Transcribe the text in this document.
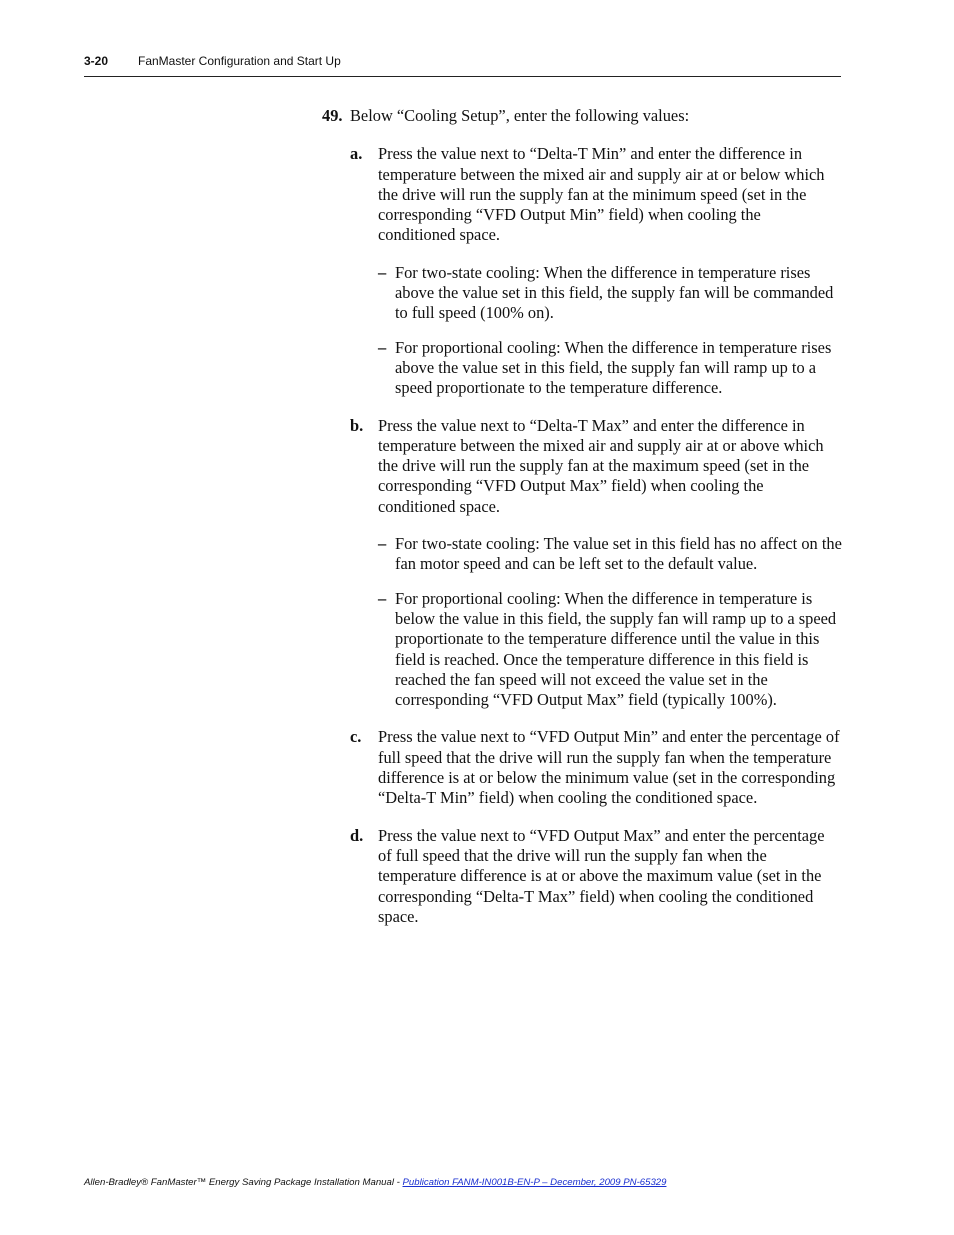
3-20 FanMaster Configuration and Start Up
49. Below “Cooling Setup”, enter the following values:
a. Press the value next to “Delta-T Min” and enter the difference in temperature between the mixed air and supply air at or below which the drive will run the supply fan at the minimum speed (set in the corresponding “VFD Output Min” field) when cooling the conditioned space.
– For two-state cooling: When the difference in temperature rises above the value set in this field, the supply fan will be commanded to full speed (100% on).
– For proportional cooling: When the difference in temperature rises above the value set in this field, the supply fan will ramp up to a speed proportionate to the temperature difference.
b. Press the value next to “Delta-T Max” and enter the difference in temperature between the mixed air and supply air at or above which the drive will run the supply fan at the maximum speed (set in the corresponding “VFD Output Max” field) when cooling the conditioned space.
– For two-state cooling: The value set in this field has no affect on the fan motor speed and can be left set to the default value.
– For proportional cooling: When the difference in temperature is below the value in this field, the supply fan will ramp up to a speed proportionate to the temperature difference until the value in this field is reached. Once the temperature difference in this field is reached the fan speed will not exceed the value set in the corresponding “VFD Output Max” field (typically 100%).
c. Press the value next to “VFD Output Min” and enter the percentage of full speed that the drive will run the supply fan when the temperature difference is at or below the minimum value (set in the corresponding “Delta-T Min” field) when cooling the conditioned space.
d. Press the value next to “VFD Output Max” and enter the percentage of full speed that the drive will run the supply fan when the temperature difference is at or above the maximum value (set in the corresponding “Delta-T Max” field) when cooling the conditioned space.
Allen-Bradley® FanMaster™ Energy Saving Package Installation Manual - Publication FANM-IN001B-EN-P – December, 2009 PN-65329
